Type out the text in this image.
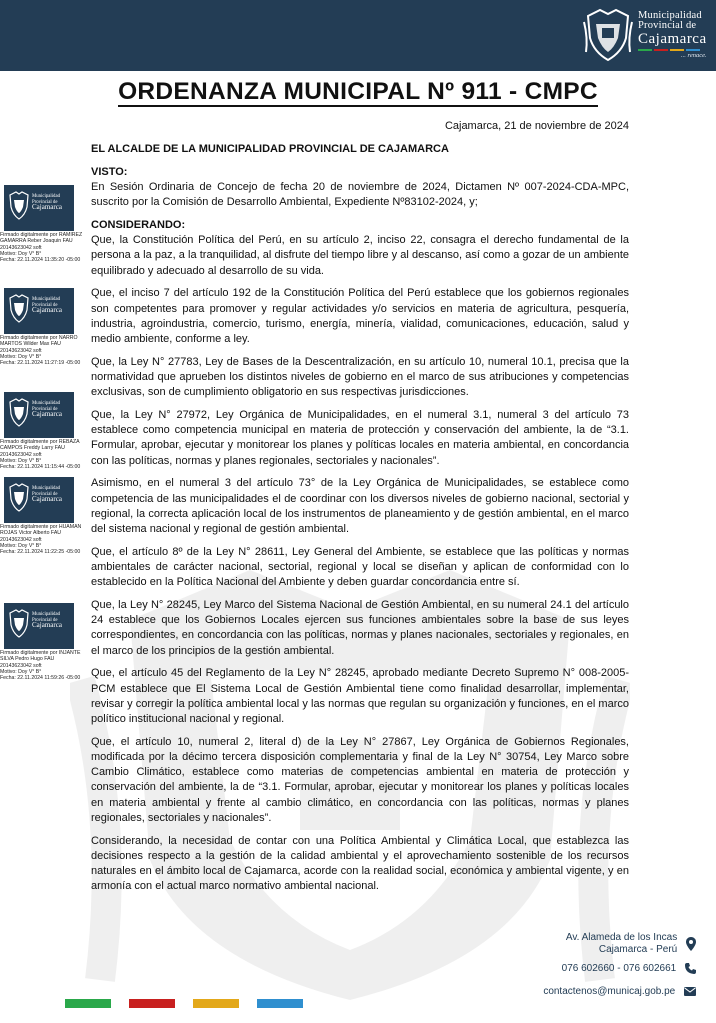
Municipalidad
Provincial de
Cajamarca
... renace.
ORDENANZA MUNICIPAL Nº 911 - CMPC
Cajamarca, 21 de noviembre de 2024

EL ALCALDE DE LA MUNICIPALIDAD PROVINCIAL DE CAJAMARCA

VISTO:

En Sesión Ordinaria de Concejo de fecha 20 de noviembre de 2024, Dictamen Nº 007-2024-CDA-MPC, suscrito por la Comisión de Desarrollo Ambiental, Expediente Nº83102-2024, y;

CONSIDERANDO:

Que, la Constitución Política del Perú, en su artículo 2, inciso 22, consagra el derecho fundamental de la persona a la paz, a la tranquilidad, al disfrute del tiempo libre y al descanso, así como a gozar de un ambiente equilibrado y adecuado al desarrollo de su vida.

Que, el inciso 7 del artículo 192 de la Constitución Política del Perú establece que los gobiernos regionales son competentes para promover y regular actividades y/o servicios en materia de agricultura, pesquería, industria, agroindustria, comercio, turismo, energía, minería, vialidad, comunicaciones, educación, salud y medio ambiente, conforme a ley.

Que, la Ley N° 27783, Ley de Bases de la Descentralización, en su artículo 10, numeral 10.1, precisa que la normatividad que aprueben los distintos niveles de gobierno en el marco de sus atribuciones y competencias exclusivas, son de cumplimiento obligatorio en sus respectivas jurisdicciones.

Que, la Ley N° 27972, Ley Orgánica de Municipalidades, en el numeral 3.1, numeral 3 del artículo 73 establece como competencia municipal en materia de protección y conservación del ambiente, la de “3.1. Formular, aprobar, ejecutar y monitorear los planes y políticas locales en materia ambiental, en concordancia con las políticas, normas y planes regionales, sectoriales y nacionales”.

Asimismo, en el numeral 3 del artículo 73° de la Ley Orgánica de Municipalidades, se establece como competencia de las municipalidades el de coordinar con los diversos niveles de gobierno nacional, sectorial y regional, la correcta aplicación local de los instrumentos de planeamiento y de gestión ambiental, en el marco del sistema nacional y regional de gestión ambiental.

Que, el artículo 8º de la Ley N° 28611, Ley General del Ambiente, se establece que las políticas y normas ambientales de carácter nacional, sectorial, regional y local se diseñan y aplican de conformidad con lo establecido en la Política Nacional del Ambiente y deben guardar concordancia entre sí.

Que, la Ley N° 28245, Ley Marco del Sistema Nacional de Gestión Ambiental, en su numeral 24.1 del artículo 24 establece que los Gobiernos Locales ejercen sus funciones ambientales sobre la base de sus leyes correspondientes, en concordancia con las políticas, normas y planes nacionales, sectoriales y regionales, en el marco de los principios de la gestión ambiental.

Que, el artículo 45 del Reglamento de la Ley N° 28245, aprobado mediante Decreto Supremo N° 008-2005-PCM establece que El Sistema Local de Gestión Ambiental tiene como finalidad desarrollar, implementar, revisar y corregir la política ambiental local y las normas que regulan su organización y funciones, en el marco político institucional nacional y regional.

Que, el artículo 10, numeral 2, literal d) de la Ley N° 27867, Ley Orgánica de Gobiernos Regionales, modificada por la décimo tercera disposición complementaria y final de la Ley N° 30754, Ley Marco sobre Cambio Climático, establece como materias de competencias ambiental en materia de protección y conservación del ambiente, la de “3.1. Formular, aprobar, ejecutar y monitorear los planes y políticas locales en materia ambiental y frente al cambio climático, en concordancia con las políticas, normas y planes regionales, sectoriales y nacionales”.

Considerando, la necesidad de contar con una Política Ambiental y Climática Local, que establezca las decisiones respecto a la gestión de la calidad ambiental y el aprovechamiento sostenible de los recursos naturales en el ámbito local de Cajamarca, acorde con la realidad social, económica y ambiental vigente, y en armonía con el actual marco normativo ambiental nacional.

Municipalidad
Provincial de
Cajamarca
Firmado digitalmente por RAMIREZ
GAMARRA Reber Joaquin FAU
20143623042 soft
Motivo: Doy V° B°
Fecha: 22.11.2024 11:35:20 -05:00
Municipalidad
Provincial de
Cajamarca
Firmado digitalmente por NARRO
MARTOS Wilder Max FAU
20143623042 soft
Motivo: Doy V° B°
Fecha: 22.11.2024 11:27:19 -05:00
Municipalidad
Provincial de
Cajamarca
Firmado digitalmente por REBAZA
CAMPOS Freddy Larry FAU
20143623042 soft
Motivo: Doy V° B°
Fecha: 22.11.2024 11:15:44 -05:00
Municipalidad
Provincial de
Cajamarca
Firmado digitalmente por HUAMAN
ROJAS Victor Alberto FAU
20143623042 soft
Motivo: Doy V° B°
Fecha: 22.11.2024 11:22:25 -05:00
Municipalidad
Provincial de
Cajamarca
Firmado digitalmente por INJANTE
SILVA Pedro Hugo FAU
20143623042 soft
Motivo: Doy V° B°
Fecha: 22.11.2024 11:59:26 -05:00
Av. Alameda de los Incas
Cajamarca - Perú

076 602660 - 076 602661
contactenos@municaj.gob.pe
